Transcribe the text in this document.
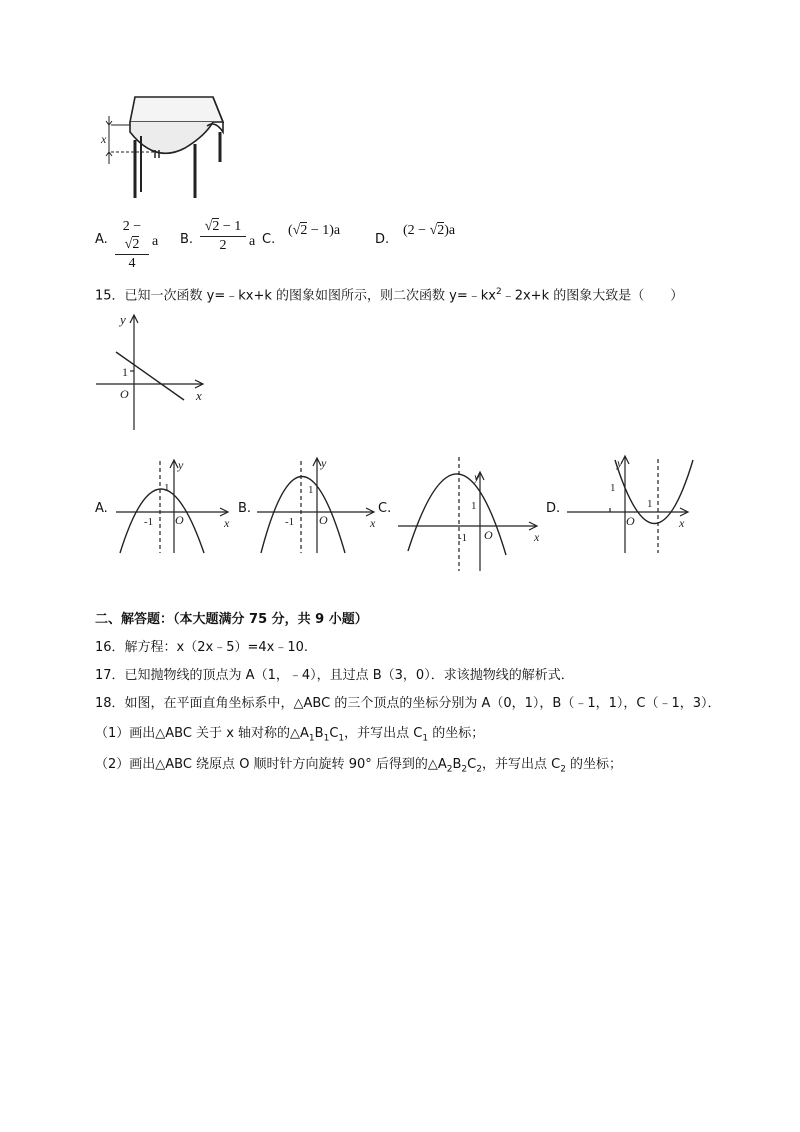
x
A. $\frac{2 - √2}{4}$ a B. $\frac{√2 - 1}{2}$ a C.
(√2 − 1)a
D.
(2 − √2)a
15．已知一次函数 y=﹣kx+k 的图象如图所示，则二次函数 $y=﹣kx^2﹣2x+k$ 的图象大致是（　　）
y
x
1
O
A.
y
x
1
-1 O
B.
y
x
1
-1 O
C.
y
x
1
-1 O
D.
y
x
1
1
O
二、解答题：（本大题满分 75 分，共 9 小题）
16．解方程：x（2x﹣5）=4x﹣10.
17．已知抛物线的顶点为 A（1，﹣4），且过点 B（3，0）．求该抛物线的解析式．
18．如图，在平面直角坐标系中，△ABC 的三个顶点的坐标分别为 A（0，1），B（﹣1，1），C（﹣1，3）．
（1）画出△ABC 关于 x 轴对称的$\triangle A_1B_1C_1$，并写出点 $C_1$ 的坐标；
（2）画出△ABC 绕原点 O 顺时针方向旋转 90° 后得到的$\triangle A_2B_2C_2$，并写出点 $C_2$ 的坐标；
